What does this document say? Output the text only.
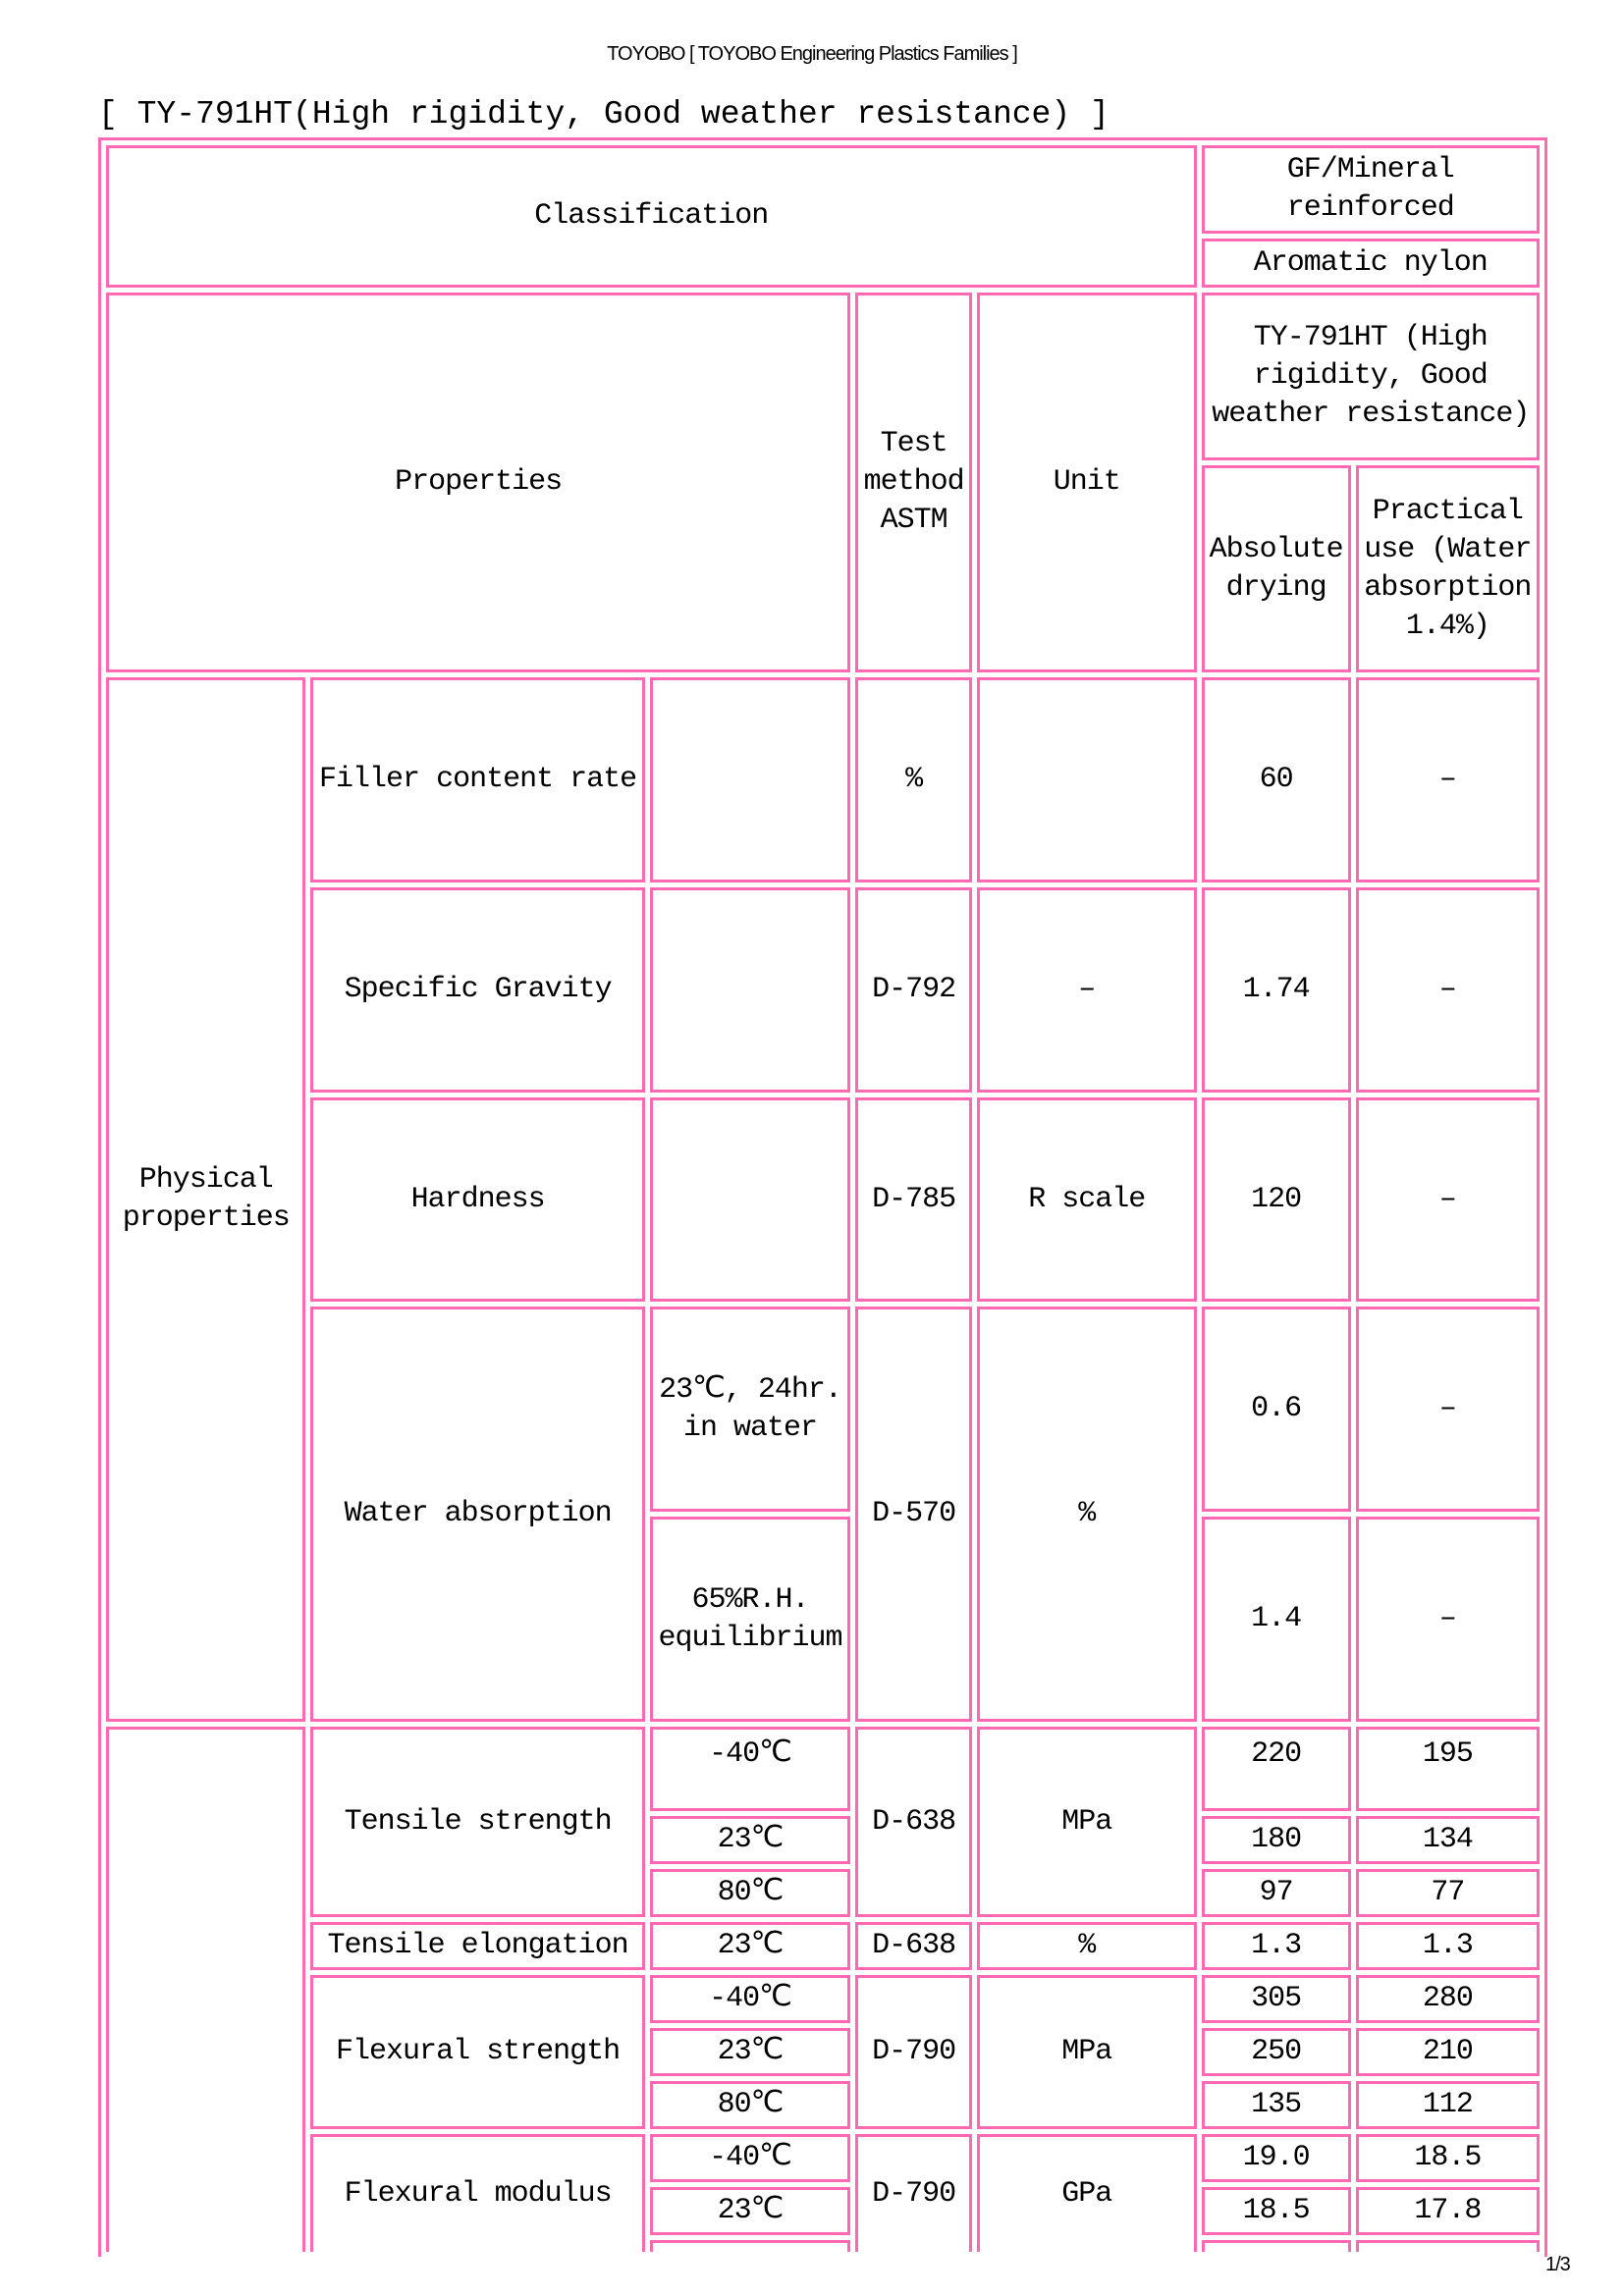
TOYOBO [ TOYOBO Engineering Plastics Families ]
[ TY-791HT(High rigidity, Good weather resistance) ]
Classification					GF/Mineral reinforced	
					Aromatic nylon	
Properties			Test method ASTM	Unit	TY-791HT (High rigidity, Good weather resistance)	
					Absolute drying	Practical use (Water absorption 1.4%)
Physical properties	Filler content rate		%		60	–
	Specific Gravity		D-792	–	1.74	–
	Hardness		D-785	R scale	120	–
	Water absorption	23℃, 24hr. in water	D-570	%	0.6	–
		65%R.H. equilibrium			1.4	–
	Tensile strength	-40℃	D-638	MPa	220	195
		23℃			180	134
		80℃			97	77
	Tensile elongation	23℃	D-638	%	1.3	1.3
	Flexural strength	-40℃	D-790	MPa	305	280
		23℃			250	210
		80℃			135	112
	Flexural modulus	-40℃	D-790	GPa	19.0	18.5
		23℃			18.5	17.8

1/3
